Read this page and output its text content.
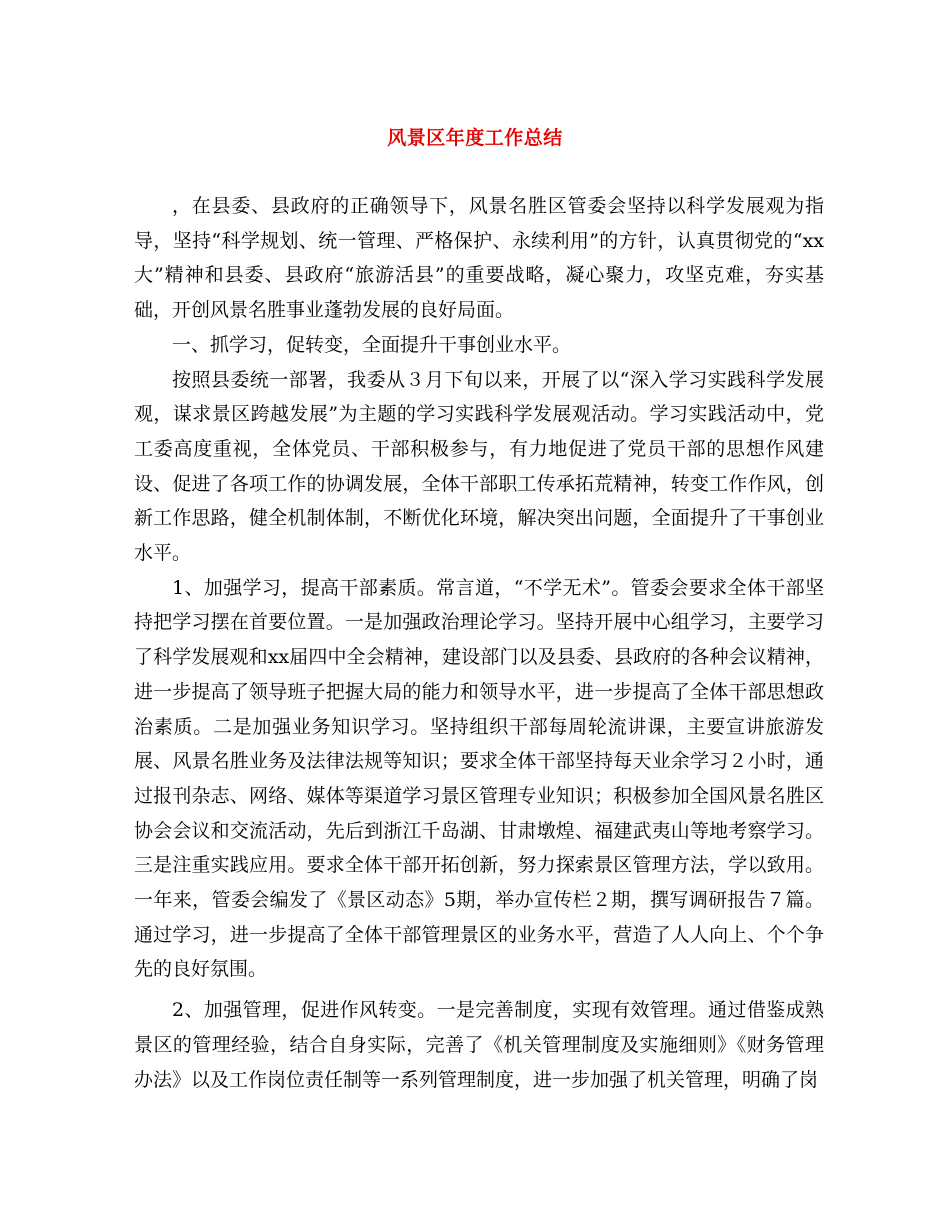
风景区年度工作总结

，在县委、县政府的正确领导下，风景名胜区管委会坚持以科学发展观为指导，坚持“科学规划、统一管理、严格保护、永续利用”的方针，认真贯彻党的“xx大”精神和县委、县政府“旅游活县”的重要战略，凝心聚力，攻坚克难，夯实基础，开创风景名胜事业蓬勃发展的良好局面。

一、抓学习，促转变，全面提升干事创业水平。

按照县委统一部署，我委从３月下旬以来，开展了以“深入学习实践科学发展观，谋求景区跨越发展”为主题的学习实践科学发展观活动。学习实践活动中，党工委高度重视，全体党员、干部积极参与，有力地促进了党员干部的思想作风建设、促进了各项工作的协调发展，全体干部职工传承拓荒精神，转变工作作风，创新工作思路，健全机制体制，不断优化环境，解决突出问题，全面提升了干事创业水平。

1、加强学习，提高干部素质。常言道，“不学无术”。管委会要求全体干部坚持把学习摆在首要位置。一是加强政治理论学习。坚持开展中心组学习，主要学习了科学发展观和xx届四中全会精神，建设部门以及县委、县政府的各种会议精神，进一步提高了领导班子把握大局的能力和领导水平，进一步提高了全体干部思想政治素质。二是加强业务知识学习。坚持组织干部每周轮流讲课，主要宣讲旅游发展、风景名胜业务及法律法规等知识；要求全体干部坚持每天业余学习２小时，通过报刊杂志、网络、媒体等渠道学习景区管理专业知识；积极参加全国风景名胜区协会会议和交流活动，先后到浙江千岛湖、甘肃墩煌、福建武夷山等地考察学习。三是注重实践应用。要求全体干部开拓创新，努力探索景区管理方法，学以致用。一年来，管委会编发了《景区动态》5期，举办宣传栏２期，撰写调研报告７篇。通过学习，进一步提高了全体干部管理景区的业务水平，营造了人人向上、个个争先的良好氛围。

2、加强管理，促进作风转变。一是完善制度，实现有效管理。通过借鉴成熟景区的管理经验，结合自身实际，完善了《机关管理制度及实施细则》《财务管理办法》以及工作岗位责任制等一系列管理制度，进一步加强了机关管理，明确了岗
